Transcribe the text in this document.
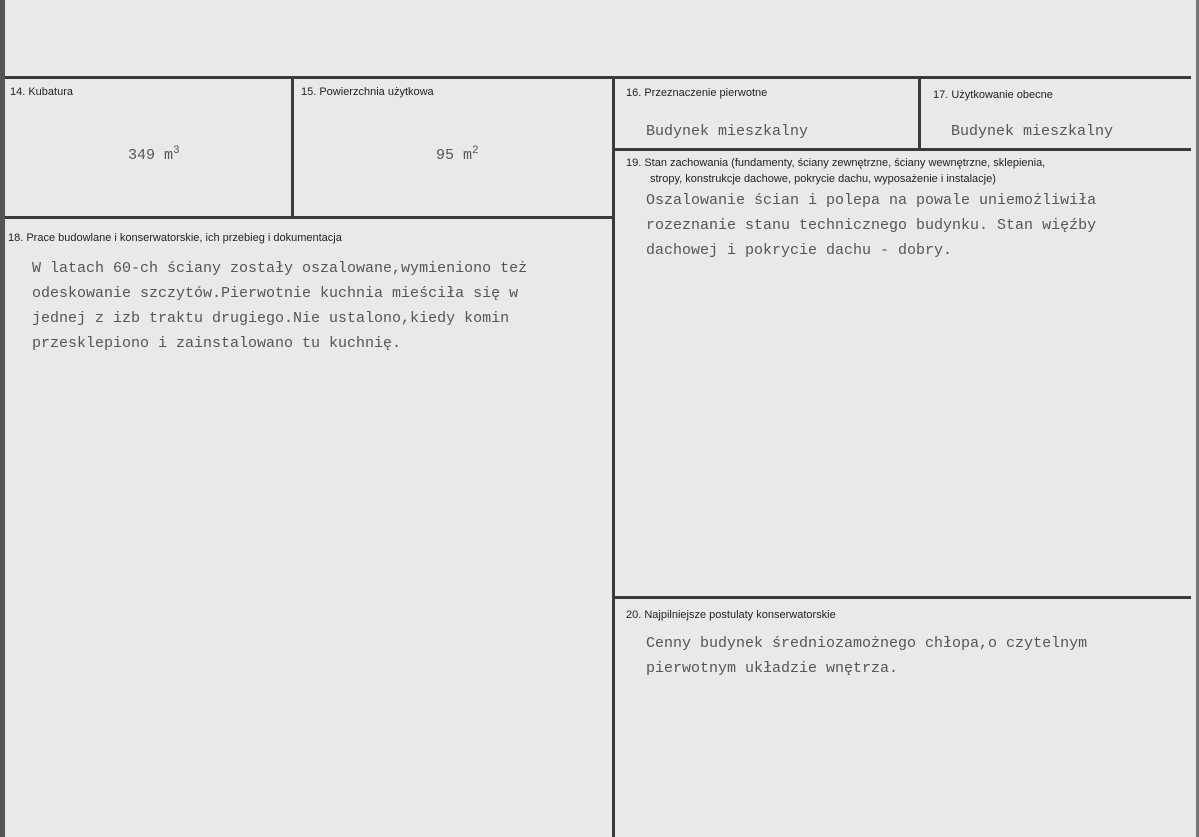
14. Kubatura

349 $m^3$

15. Powierzchnia użytkowa

95 $m^2$

16. Przeznaczenie pierwotne
Budynek mieszkalny
17. Użytkowanie obecne
Budynek mieszkalny
18. Prace budowlane i konserwatorskie, ich przebieg i dokumentacja
W latach 60-ch ściany zostały oszalowane,wymieniono też
odeskowanie szczytów.Pierwotnie kuchnia mieściła się w
jednej z izb traktu drugiego.Nie ustalono,kiedy komin
przesklepiono i zainstalowano tu kuchnię.
19. Stan zachowania (fundamenty, ściany zewnętrzne, ściany wewnętrzne, sklepienia,
stropy, konstrukcje dachowe, pokrycie dachu, wyposażenie i instalacje)
Oszalowanie ścian i polepa na powale uniemożliwiła
rozeznanie stanu technicznego budynku. Stan więźby
dachowej i pokrycie dachu - dobry.
20. Najpilniejsze postulaty konserwatorskie
Cenny budynek średniozamożnego chłopa,o czytelnym
pierwotnym układzie wnętrza.
